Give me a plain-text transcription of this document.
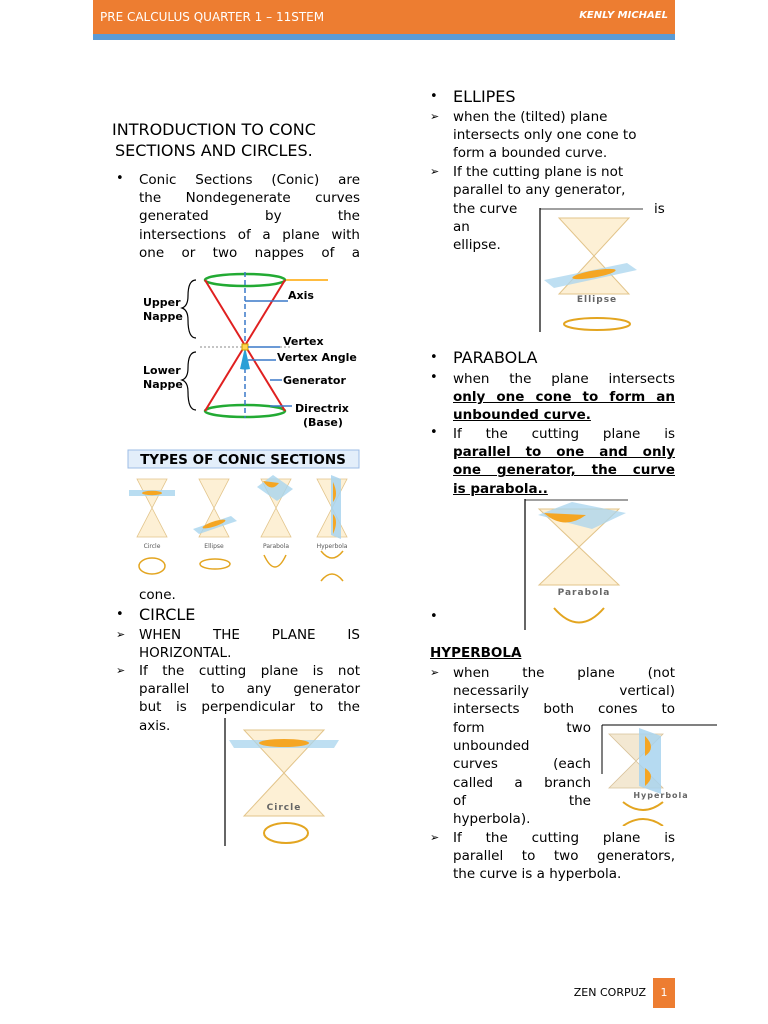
PRE CALCULUS QUARTER 1 – 11STEM	KENLY MICHAEL
INTRODUCTION TO CONC
SECTIONS AND CIRCLES.
• Conic Sections (Conic) are
the Nondegenerate curves
generated by the
intersections of a plane with
one or two nappes of a
Upper
Nappe
Lower
Nappe
Axis
Vertex
Vertex Angle
Generator
Directrix
(Base)
TYPES OF CONIC SECTIONS
Circle	Ellipse	Parabola	Hyperbola
cone.
• CIRCLE
➢ WHEN THE PLANE IS
HORIZONTAL.
➢ If the cutting plane is not
parallel to any generator
but is perpendicular to the
axis.
Circle
• ELLIPES
➢ when the (tilted) plane
intersects only one cone to
form a bounded curve.
➢ If the cutting plane is not
parallel to any generator,
the curve	is
an
ellipse.
Ellipse
• PARABOLA
• when the plane intersects
only one cone to form an
unbounded curve.
• If the cutting plane is
parallel to one and only
one generator, the curve
is parabola..
Parabola
•
HYPERBOLA
➢ when the plane (not
necessarily vertical)
intersects both cones to
form two
unbounded
curves (each
called a branch
of the
hyperbola).
Hyperbola
➢ If the cutting plane is
parallel to two generators,
the curve is a hyperbola.
ZEN CORPUZ	1
